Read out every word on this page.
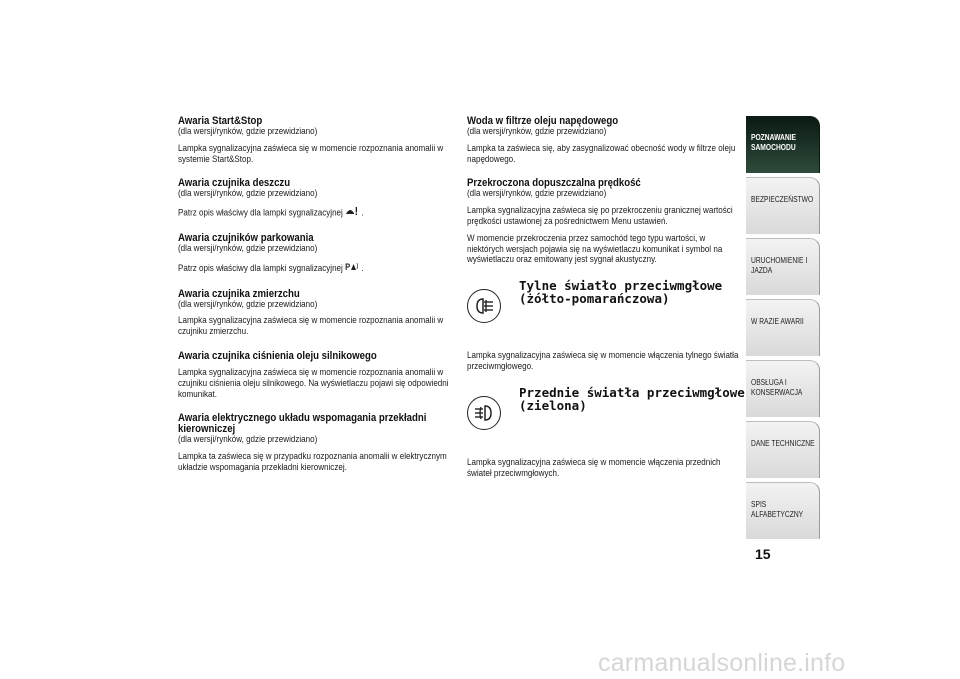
Awaria Start&Stop

(dla wersji/rynków, gdzie przewidziano)

Lampka sygnalizacyjna zaświeca się w momencie rozpoznania anomalii w systemie Start&Stop.

Awaria czujnika deszczu

(dla wersji/rynków, gdzie przewidziano)

Patrz opis właściwy dla lampki sygnalizacyjnej .

Awaria czujników parkowania

(dla wersji/rynków, gdzie przewidziano)

Patrz opis właściwy dla lampki sygnalizacyjnej P .

Awaria czujnika zmierzchu

(dla wersji/rynków, gdzie przewidziano)

Lampka sygnalizacyjna zaświeca się w momencie rozpoznania anomalii w czujniku zmierzchu.

Awaria czujnika ciśnienia oleju silnikowego

Lampka sygnalizacyjna zaświeca się w momencie rozpoznania anomalii w czujniku ciśnienia oleju silnikowego. Na wyświetlaczu pojawi się odpowiedni komunikat.

Awaria elektrycznego układu wspomagania przekładni kierowniczej

(dla wersji/rynków, gdzie przewidziano)

Lampka ta zaświeca się w przypadku rozpoznania anomalii w elektrycznym układzie wspomagania przekładni kierowniczej.

Woda w filtrze oleju napędowego

(dla wersji/rynków, gdzie przewidziano)

Lampka ta zaświeca się, aby zasygnalizować obecność wody w filtrze oleju napędowego.

Przekroczona dopuszczalna prędkość

(dla wersji/rynków, gdzie przewidziano)

Lampka sygnalizacyjna zaświeca się po przekroczeniu granicznej wartości prędkości ustawionej za pośrednictwem Menu ustawień.

W momencie przekroczenia przez samochód tego typu wartości, w niektórych wersjach pojawia się na wyświetlaczu komunikat i symbol na wyświetlaczu oraz emitowany jest sygnał akustyczny.

Tylne światło przeciwmgłowe (żółto-pomarańczowa)

Lampka sygnalizacyjna zaświeca się w momencie włączenia tylnego światła przeciwmgłowego.

Przednie światła przeciwmgłowe (zielona)

Lampka sygnalizacyjna zaświeca się w momencie włączenia przednich świateł przeciwmgłowych.

POZNAWANIE SAMOCHODU
BEZPIECZEŃSTWO
URUCHOMIENIE I JAZDA
W RAZIE AWARII
OBSŁUGA I KONSERWACJA
DANE TECHNICZNE
SPIS ALFABETYCZNY
15
carmanualsonline.info
